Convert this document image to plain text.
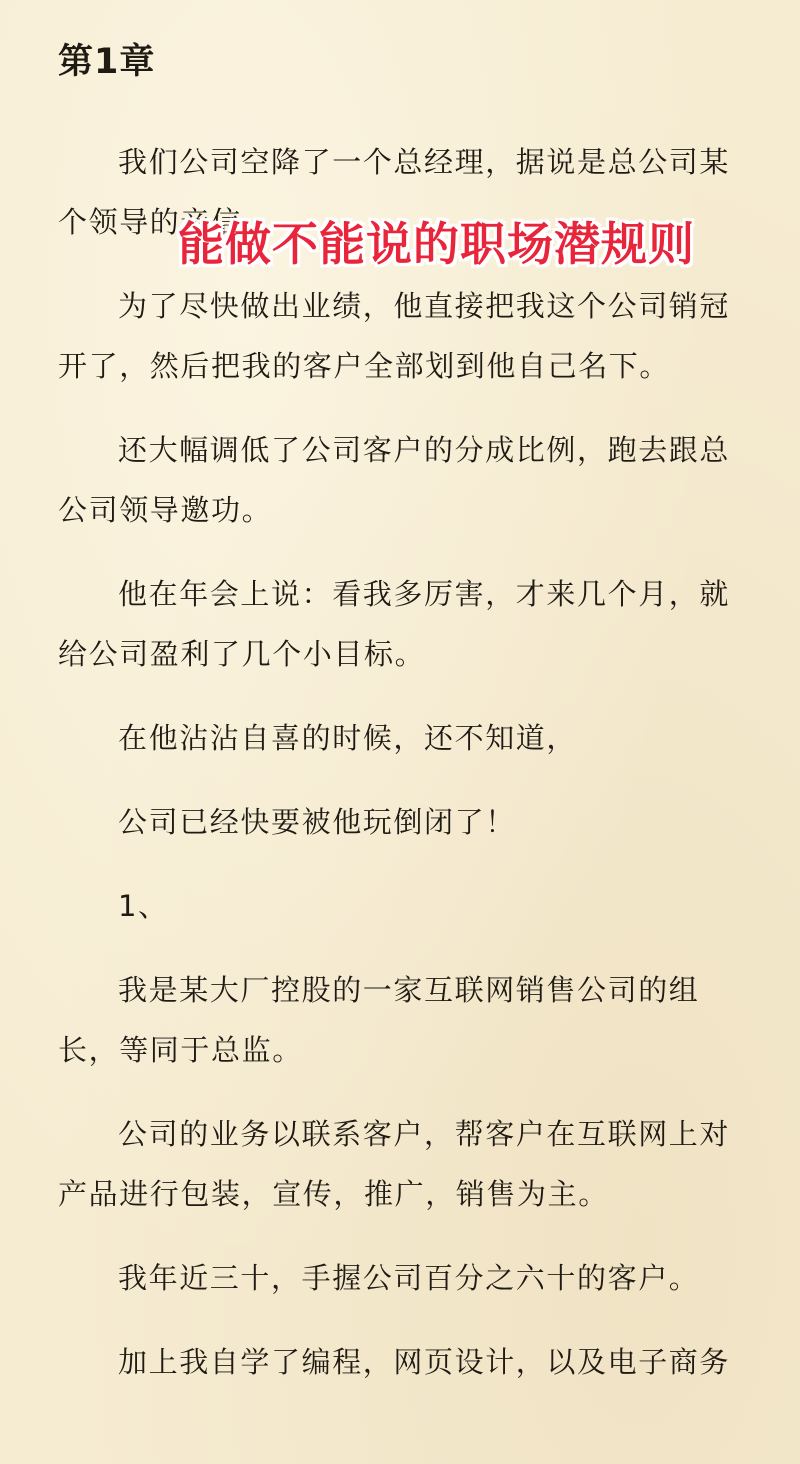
第1章

我们公司空降了一个总经理，据说是总公司某个领导的亲信。

为了尽快做出业绩，他直接把我这个公司销冠开了，然后把我的客户全部划到他自己名下。

还大幅调低了公司客户的分成比例，跑去跟总公司领导邀功。

他在年会上说：看我多厉害，才来几个月，就给公司盈利了几个小目标。

在他沾沾自喜的时候，还不知道，

公司已经快要被他玩倒闭了！

1、

我是某大厂控股的一家互联网销售公司的组长，等同于总监。

公司的业务以联系客户，帮客户在互联网上对产品进行包装，宣传，推广，销售为主。

我年近三十，手握公司百分之六十的客户。

加上我自学了编程，网页设计，以及电子商务

能做不能说的职场潜规则
